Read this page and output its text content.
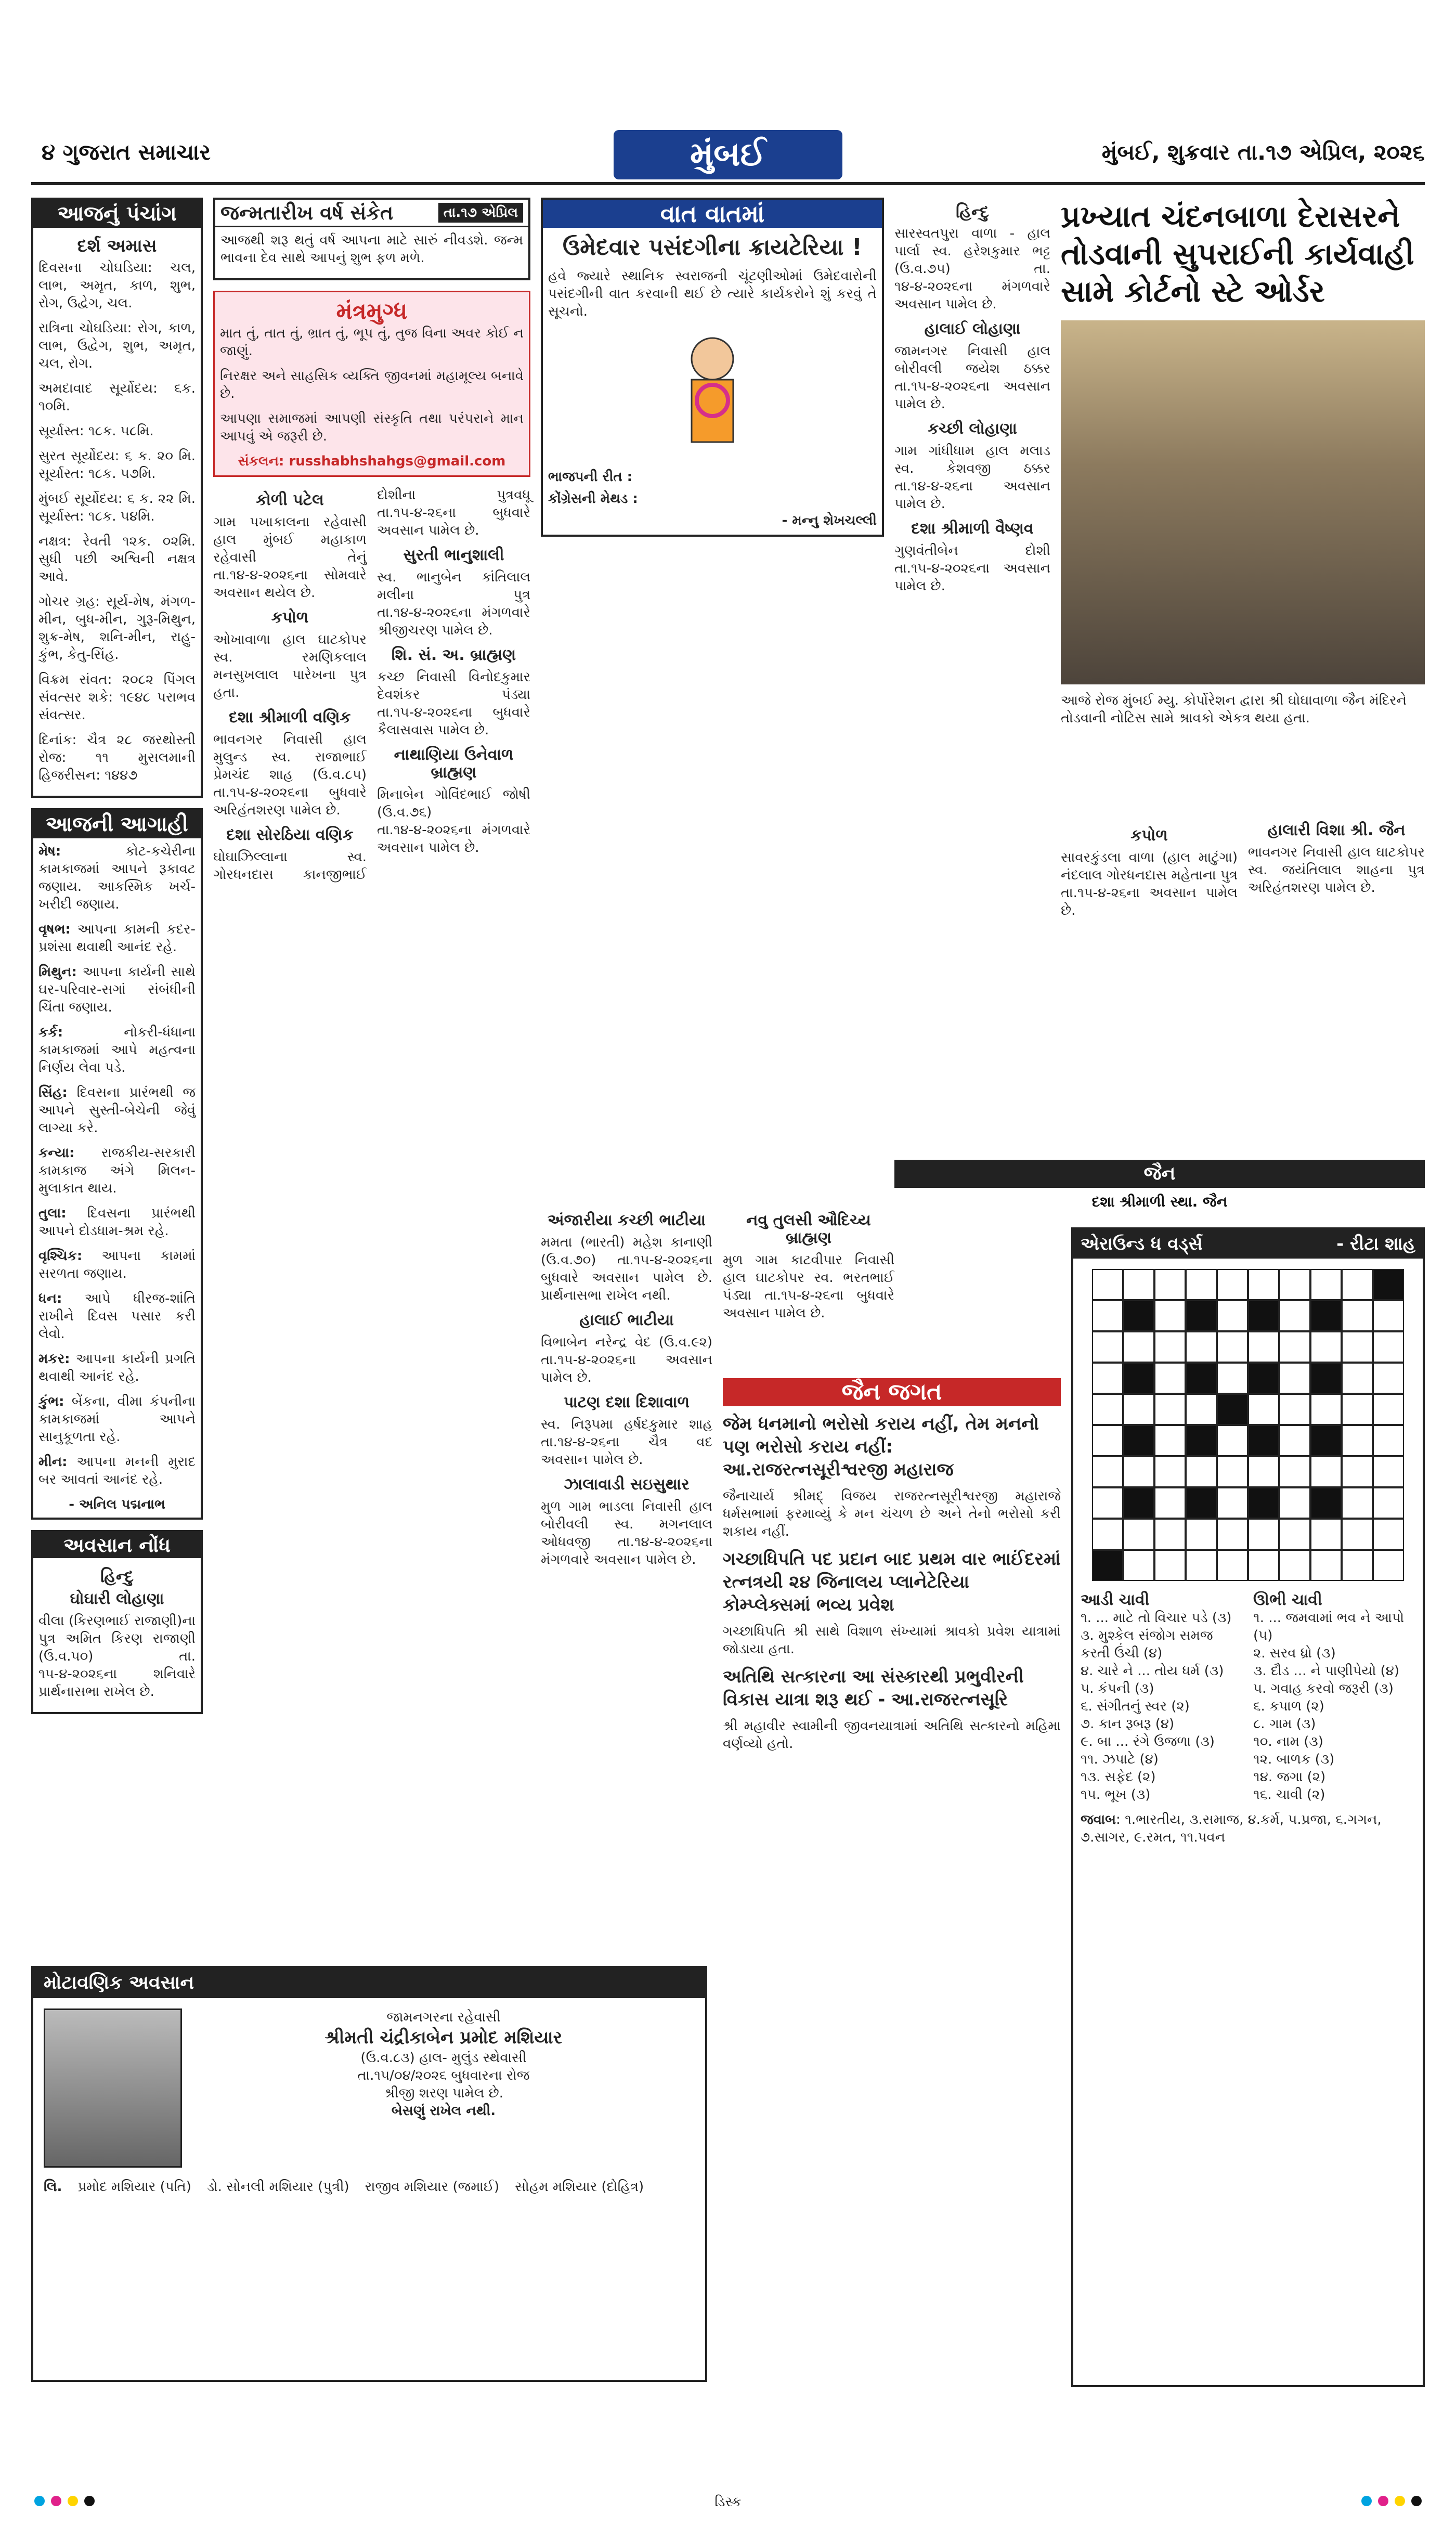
૪ ગુજરાત સમાચાર	મુંબઈ	મુંબઈ, શુક્રવાર તા.૧૭ એપ્રિલ, ૨૦૨૬
આજનું પંચાંગ
દર્શ અમાસ

દિવસના ચોઘડિયા: ચલ, લાભ, અમૃત, કાળ, શુભ, રોગ, ઉદ્વેગ, ચલ.

રાત્રિના ચોઘડિયા: રોગ, કાળ, લાભ, ઉદ્વેગ, શુભ, અમૃત, ચલ, રોગ.

અમદાવાદ સૂર્યોદય: ૬ક. ૧૦મિ.

સૂર્યાસ્ત: ૧૮ક. ૫૮મિ.

સુરત સૂર્યોદય: ૬ ક. ૨૦ મિ. સૂર્યાસ્ત: ૧૮ક. ૫૭મિ.

મુંબઈ સૂર્યોદય: ૬ ક. ૨૨ મિ. સૂર્યાસ્ત: ૧૮ક. ૫૪મિ.

નક્ષત્ર: રેવતી ૧૨ક. ૦૨મિ. સુધી પછી અશ્વિની નક્ષત્ર આવે.

ગોચર ગ્રહ: સૂર્ય-મેષ, મંગળ-મીન, બુધ-મીન, ગુરૂ-મિથુન, શુક્ર-મેષ, શનિ-મીન, રાહુ-કુંભ, કેતુ-સિંહ.

વિક્રમ સંવત: ૨૦૮૨ પિંગલ સંવત્સર શકે: ૧૯૪૮ પરાભવ સંવત્સર.

દિનાંક: ચૈત્ર ૨૮ જરથોસ્તી રોજ: ૧૧ મુસલમાની હિજરીસન: ૧૪૪૭

આજની આગાહી

મેષ:	કોટ-કચેરીના કામકાજમાં આપને રૂકાવટ જણાય. આકસ્મિક ખર્ચ-ખરીદી જણાય.

વૃષભ: આપના કામની કદર-પ્રશંસા થવાથી આનંદ રહે.

મિથુન: આપના કાર્યની સાથે ઘર-પરિવાર-સગાં સંબંધીની ચિંતા જણાય.

કર્ક:	નોકરી-ધંધાના કામકાજમાં આપે મહત્વના નિર્ણય લેવા પડે.

સિંહ: દિવસના પ્રારંભથી જ આપને સુસ્તી-બેચેની જેવું લાગ્યા કરે.

કન્યા: રાજકીય-સરકારી કામકાજ અંગે મિલન-મુલાકાત થાય.

તુલા: દિવસના પ્રારંભથી આપને દોડધામ-શ્રમ રહે.

વૃશ્ચિક: આપના કામમાં સરળતા જણાય.

ધન: આપે ધીરજ-શાંતિ રાખીને દિવસ પસાર કરી લેવો.

મકર: આપના કાર્યની પ્રગતિ થવાથી આનંદ રહે.

કુંભ: બેંકના, વીમા કંપનીના કામકાજમાં આપને સાનુકૂળતા રહે.

મીન: આપના મનની મુરાદ બર આવતાં આનંદ રહે.

- અનિલ પદ્મનાભ
અવસાન નોંધ
હિન્દુ
ઘોઘારી લોહાણા

વીલા (કિરણભાઈ રાજાણી)ના પુત્ર અમિત કિરણ રાજાણી (ઉ.વ.૫૦) તા. ૧૫-૪-૨૦૨૬ના શનિવારે પ્રાર્થનાસભા રાખેલ છે.

જન્મતારીખ વર્ષ સંકેત	તા.૧૭ એપ્રિલ

આજથી શરૂ થતું વર્ષ આપના માટે સારું નીવડશે. જન્મ ભાવના દેવ સાથે આપનું શુભ ફળ મળે.

મંત્રમુગ્ધ

માત તું, તાત તું, ભ્રાત તું, ભૂપ તું, તુજ વિના અવર કોઈ ન જાણું.

નિરક્ષર અને સાહસિક વ્યક્તિ જીવનમાં મહામૂલ્ય બનાવે છે.

આપણા સમાજમાં આપણી સંસ્કૃતિ તથા પરંપરાને માન આપવું એ જરૂરી છે.

સંકલન: russhabhshahgs@gmail.com
કોળી પટેલ

ગામ પખાકાલના રહેવાસી હાલ મુંબઈ મહાકાળ રહેવાસી તેનું તા.૧૪-૪-૨૦૨૬ના સોમવારે અવસાન થયેલ છે.

કપોળ

ઓખાવાળા હાલ ઘાટકોપર સ્વ. રમણિકલાલ મનસુખલાલ પારેખના પુત્ર હતા.

દશા શ્રીમાળી વણિક

ભાવનગર નિવાસી હાલ મુલુન્ડ સ્વ. રાજાભાઈ પ્રેમચંદ શાહ (ઉ.વ.૮૫) તા.૧૫-૪-૨૦૨૬ના બુધવારે અરિહંતશરણ પામેલ છે.

દશા સોરઠિયા વણિક

ઘોઘાઝિલ્લાના સ્વ. ગોરધનદાસ કાનજીભાઈ દોશીના પુત્રવધૂ તા.૧૫-૪-૨૬ના બુધવારે અવસાન પામેલ છે.

સુરતી ભાનુશાલી

સ્વ. ભાનુબેન કાંતિલાલ મલીના પુત્ર તા.૧૪-૪-૨૦૨૬ના મંગળવારે શ્રીજીચરણ પામેલ છે.

શિ. સં. અ. બ્રાહ્મણ

કચ્છ નિવાસી વિનોદકુમાર દેવશંકર પંડ્યા તા.૧૫-૪-૨૦૨૬ના બુધવારે કૈલાસવાસ પામેલ છે.

નાથાણિયા ઉનેવાળ બ્રાહ્મણ

મિનાબેન ગોવિંદભાઈ જોષી (ઉ.વ.૭૬) તા.૧૪-૪-૨૦૨૬ના મંગળવારે અવસાન પામેલ છે.

વાત વાતમાં
ઉમેદવાર પસંદગીના ક્રાયટેરિયા !

હવે જ્યારે સ્થાનિક સ્વરાજની ચૂંટણીઓમાં ઉમેદવારોની પસંદગીની વાત કરવાની થઈ છે ત્યારે કાર્યકરોને શું કરવું તે સૂચનો.

ભાજપની રીત :
કોંગ્રેસની મેથડ :
- મન્નુ શેખચલ્લી
અંજારીયા કચ્છી ભાટીયા

મમતા (ભારતી) મહેશ કાનાણી (ઉ.વ.૭૦) તા.૧૫-૪-૨૦૨૬ના બુધવારે અવસાન પામેલ છે. પ્રાર્થનાસભા રાખેલ નથી.

હાલાઈ ભાટીયા

વિભાબેન નરેન્દ્ર વેદ (ઉ.વ.૯૨) તા.૧૫-૪-૨૦૨૬ના અવસાન પામેલ છે.

પાટણ દશા દિશાવાળ

સ્વ. નિરૂપમા હર્ષદકુમાર શાહ તા.૧૪-૪-૨૬ના ચૈત્ર વદ અવસાન પામેલ છે.

ઝાલાવાડી સઇસુથાર

મુળ ગામ ભાડલા નિવાસી હાલ બોરીવલી સ્વ. મગનલાલ ઓધવજી તા.૧૪-૪-૨૦૨૬ના મંગળવારે અવસાન પામેલ છે.

નવુ તુલસી ઔદિચ્ય બ્રાહ્મણ

મુળ ગામ કાટવીપાર નિવાસી હાલ ઘાટકોપર સ્વ. ભરતભાઈ પંડ્યા તા.૧૫-૪-૨૬ના બુધવારે અવસાન પામેલ છે.

હિન્દુ

સારસ્વતપુરા વાળા - હાલ પાર્લા સ્વ. હરેશકુમાર ભટ્ટ (ઉ.વ.૭૫) તા. ૧૪-૪-૨૦૨૬ના મંગળવારે અવસાન પામેલ છે.

હાલાઈ લોહાણા

જામનગર નિવાસી હાલ બોરીવલી જયેશ ઠક્કર તા.૧૫-૪-૨૦૨૬ના અવસાન પામેલ છે.

કચ્છી લોહાણા

ગામ ગાંધીધામ હાલ મલાડ સ્વ. કેશવજી ઠક્કર તા.૧૪-૪-૨૬ના અવસાન પામેલ છે.

દશા શ્રીમાળી વૈષ્ણવ

ગુણવંતીબેન દોશી તા.૧૫-૪-૨૦૨૬ના અવસાન પામેલ છે.

પ્રખ્યાત ચંદનબાળા દેરાસરને તોડવાની સુપરાઈની કાર્યવાહી સામે કોર્ટનો સ્ટે ઓર્ડર

આજે રોજ મુંબઈ મ્યુ. કોર્પોરેશન દ્વારા શ્રી ઘોઘાવાળા જૈન મંદિરને તોડવાની નોટિસ સામે શ્રાવકો એકત્ર થયા હતા.

કપોળ

સાવરકુંડલા વાળા (હાલ માટુંગા) નંદલાલ ગોરધનદાસ મહેતાના પુત્ર તા.૧૫-૪-૨૬ના અવસાન પામેલ છે.

હાલારી વિશા શ્રી. જૈન

ભાવનગર નિવાસી હાલ ઘાટકોપર સ્વ. જયંતિલાલ શાહના પુત્ર અરિહંતશરણ પામેલ છે.

જૈન
દશા શ્રીમાળી સ્થા. જૈન
જૈન જગત
જેમ ધનમાનો ભરોસો કરાય નહીં, તેમ મનનો પણ ભરોસો કરાય નહીં: આ.રાજરત્નસૂરીશ્વરજી મહારાજ

જૈનાચાર્ય શ્રીમદ્ વિજય રાજરત્નસૂરીશ્વરજી મહારાજે ધર્મસભામાં ફરમાવ્યું કે મન ચંચળ છે અને તેનો ભરોસો કરી શકાય નહીં.

ગચ્છાધિપતિ પદ પ્રદાન બાદ પ્રથમ વાર ભાઈંદરમાં રત્નત્રયી ૨૪ જિનાલય પ્લાનેટેરિયા કોમ્પ્લેક્સમાં ભવ્ય પ્રવેશ

ગચ્છાધિપતિ શ્રી સાથે વિશાળ સંખ્યામાં શ્રાવકો પ્રવેશ યાત્રામાં જોડાયા હતા.

અતિથિ સત્કારના આ સંસ્કારથી પ્રભુવીરની વિકાસ યાત્રા શરૂ થઈ - આ.રાજરત્નસૂરિ

શ્રી મહાવીર સ્વામીની જીવનયાત્રામાં અતિથિ સત્કારનો મહિમા વર્ણવ્યો હતો.

એરાઉન્ડ ધ વર્ડ્સ	- રીટા શાહ
આડી ચાવી
૧. ... માટે તો વિચાર પડે (૩)
૩. મુશ્કેલ સંજોગ સમજ કરતી ઉંચી (૪)
૪. ચારે ને ... તોય ધર્મ (૩)
૫. કંપની (૩)
૬. સંગીતનું સ્વર (૨)
૭. કાન રૂબરૂ (૪)
૯. બા ... રંગે ઉજળા (૩)
૧૧. ઝપાટે (૪)
૧૩. સફેદ (૨)
૧૫. ભૂખ (૩)
ઊભી ચાવી
૧. ... જમવામાં ભવ ને આપો (૫)
૨. સરવ ધ્રો (૩)
૩. દૌડ ... ને પાણીપેયો (૪)
૫. ગવાહ કરવો જરૂરી (૩)
૬. કપાળ (૨)
૮. ગામ (૩)
૧૦. નામ (૩)
૧૨. બાળક (૩)
૧૪. જગા (૨)
૧૬. ચાવી (૨)
જવાબ: ૧.ભારતીય, ૩.સમાજ, ૪.કર્મ, ૫.પ્રજા, ૬.ગગન, ૭.સાગર, ૯.રમત, ૧૧.પવન
મોટાવણિક અવસાન
જામનગરના રહેવાસી
શ્રીમતી ચંદ્રીકાબેન પ્રમોદ મશિયાર
(ઉ.વ.૮૩) હાલ- મુલુંડ સ્થેવાસી
તા.૧૫/૦૪/૨૦૨૬ બુધવારના રોજ
શ્રીજી શરણ પામેલ છે.
બેસણું રાખેલ નથી.
લિ. પ્રમોદ મશિયાર (પતિ) ડો. સોનલી મશિયાર (પુત્રી) રાજીવ મશિયાર (જમાઈ) સોહમ મશિયાર (દોહિત્ર)
ડિસ્ક
